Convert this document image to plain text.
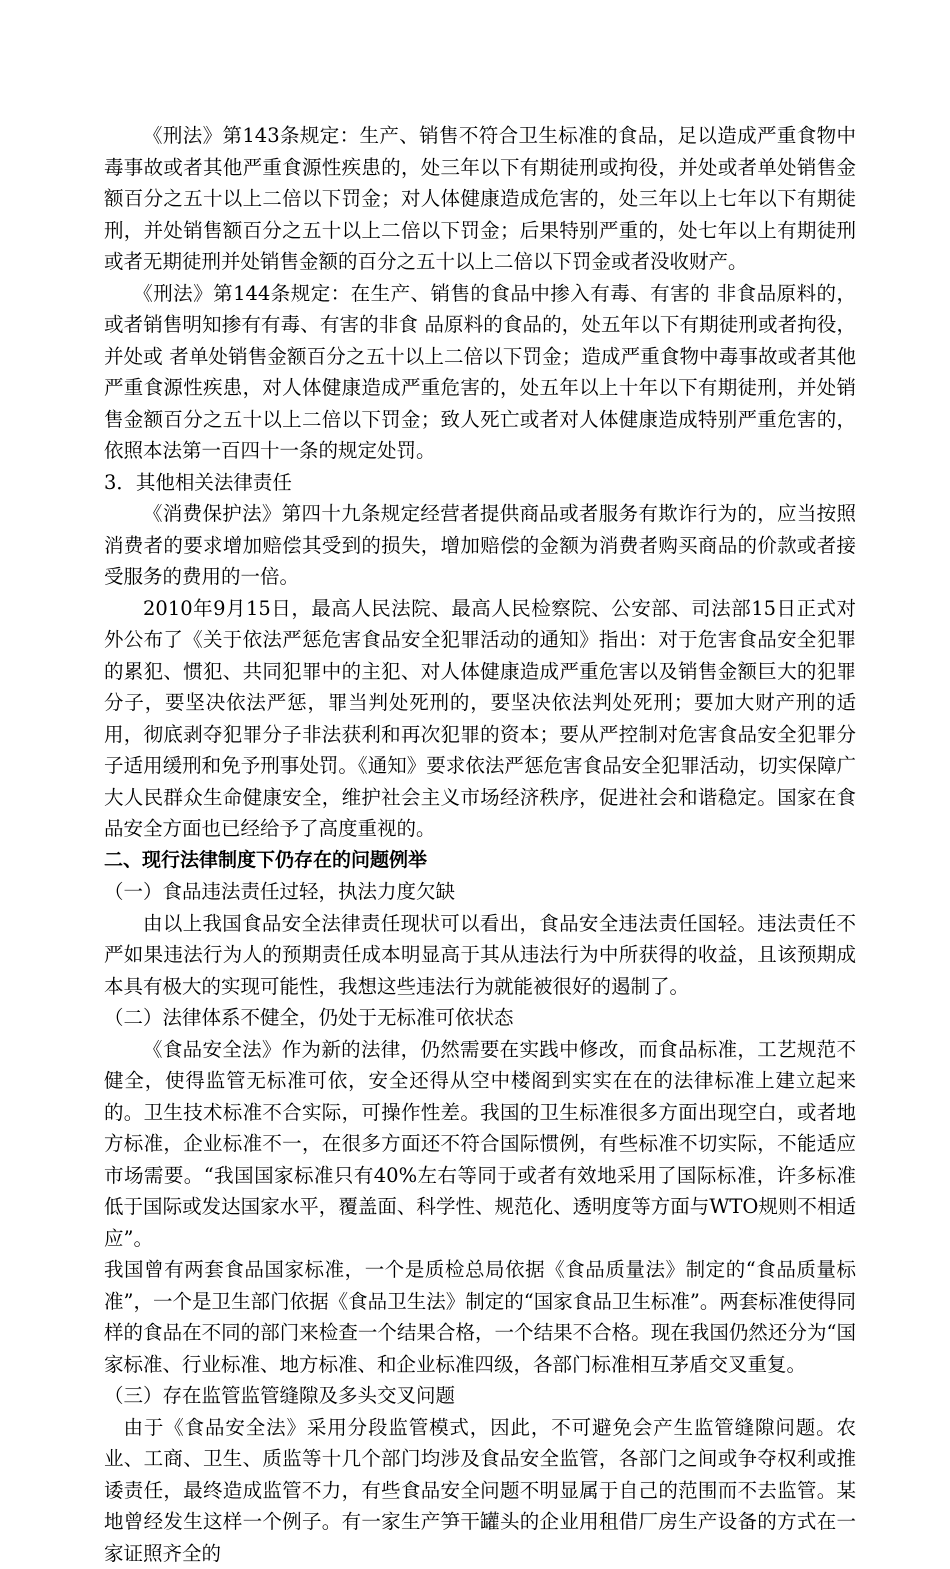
《刑法》第143条规定：生产、销售不符合卫生标准的食品，足以造成严重食物中毒事故或者其他严重食源性疾患的，处三年以下有期徒刑或拘役，并处或者单处销售金额百分之五十以上二倍以下罚金；对人体健康造成危害的，处三年以上七年以下有期徒刑，并处销售额百分之五十以上二倍以下罚金；后果特别严重的，处七年以上有期徒刑或者无期徒刑并处销售金额的百分之五十以上二倍以下罚金或者没收财产。

《刑法》第144条规定：在生产、销售的食品中掺入有毒、有害的 非食品原料的，或者销售明知掺有有毒、有害的非食 品原料的食品的，处五年以下有期徒刑或者拘役，并处或 者单处销售金额百分之五十以上二倍以下罚金；造成严重食物中毒事故或者其他严重食源性疾患，对人体健康造成严重危害的，处五年以上十年以下有期徒刑，并处销售金额百分之五十以上二倍以下罚金；致人死亡或者对人体健康造成特别严重危害的，依照本法第一百四十一条的规定处罚。

3．其他相关法律责任

《消费保护法》第四十九条规定经营者提供商品或者服务有欺诈行为的，应当按照消费者的要求增加赔偿其受到的损失，增加赔偿的金额为消费者购买商品的价款或者接受服务的费用的一倍。

2010年9月15日，最高人民法院、最高人民检察院、公安部、司法部15日正式对外公布了《关于依法严惩危害食品安全犯罪活动的通知》指出：对于危害食品安全犯罪的累犯、惯犯、共同犯罪中的主犯、对人体健康造成严重危害以及销售金额巨大的犯罪分子，要坚决依法严惩，罪当判处死刑的，要坚决依法判处死刑；要加大财产刑的适用，彻底剥夺犯罪分子非法获利和再次犯罪的资本；要从严控制对危害食品安全犯罪分子适用缓刑和免予刑事处罚。《通知》要求依法严惩危害食品安全犯罪活动，切实保障广大人民群众生命健康安全，维护社会主义市场经济秩序，促进社会和谐稳定。国家在食品安全方面也已经给予了高度重视的。

二、现行法律制度下仍存在的问题例举

（一）食品违法责任过轻，执法力度欠缺

由以上我国食品安全法律责任现状可以看出，食品安全违法责任国轻。违法责任不严如果违法行为人的预期责任成本明显高于其从违法行为中所获得的收益，且该预期成本具有极大的实现可能性，我想这些违法行为就能被很好的遏制了。

（二）法律体系不健全，仍处于无标准可依状态

《食品安全法》作为新的法律，仍然需要在实践中修改，而食品标准，工艺规范不健全，使得监管无标准可依，安全还得从空中楼阁到实实在在的法律标准上建立起来的。卫生技术标准不合实际，可操作性差。我国的卫生标准很多方面出现空白，或者地方标准，企业标准不一，在很多方面还不符合国际惯例，有些标准不切实际，不能适应市场需要。“我国国家标准只有40%左右等同于或者有效地采用了国际标准，许多标准低于国际或发达国家水平，覆盖面、科学性、规范化、透明度等方面与WTO规则不相适应”。

我国曾有两套食品国家标准，一个是质检总局依据《食品质量法》制定的“食品质量标准”，一个是卫生部门依据《食品卫生法》制定的“国家食品卫生标准”。两套标准使得同样的食品在不同的部门来检查一个结果合格，一个结果不合格。现在我国仍然还分为“国家标准、行业标准、地方标准、和企业标准四级，各部门标准相互茅盾交叉重复。

（三）存在监管监管缝隙及多头交叉问题

由于《食品安全法》采用分段监管模式，因此，不可避免会产生监管缝隙问题。农业、工商、卫生、质监等十几个部门均涉及食品安全监管，各部门之间或争夺权利或推诿责任，最终造成监管不力，有些食品安全问题不明显属于自己的范围而不去监管。某地曾经发生这样一个例子。有一家生产笋干罐头的企业用租借厂房生产设备的方式在一家证照齐全的
